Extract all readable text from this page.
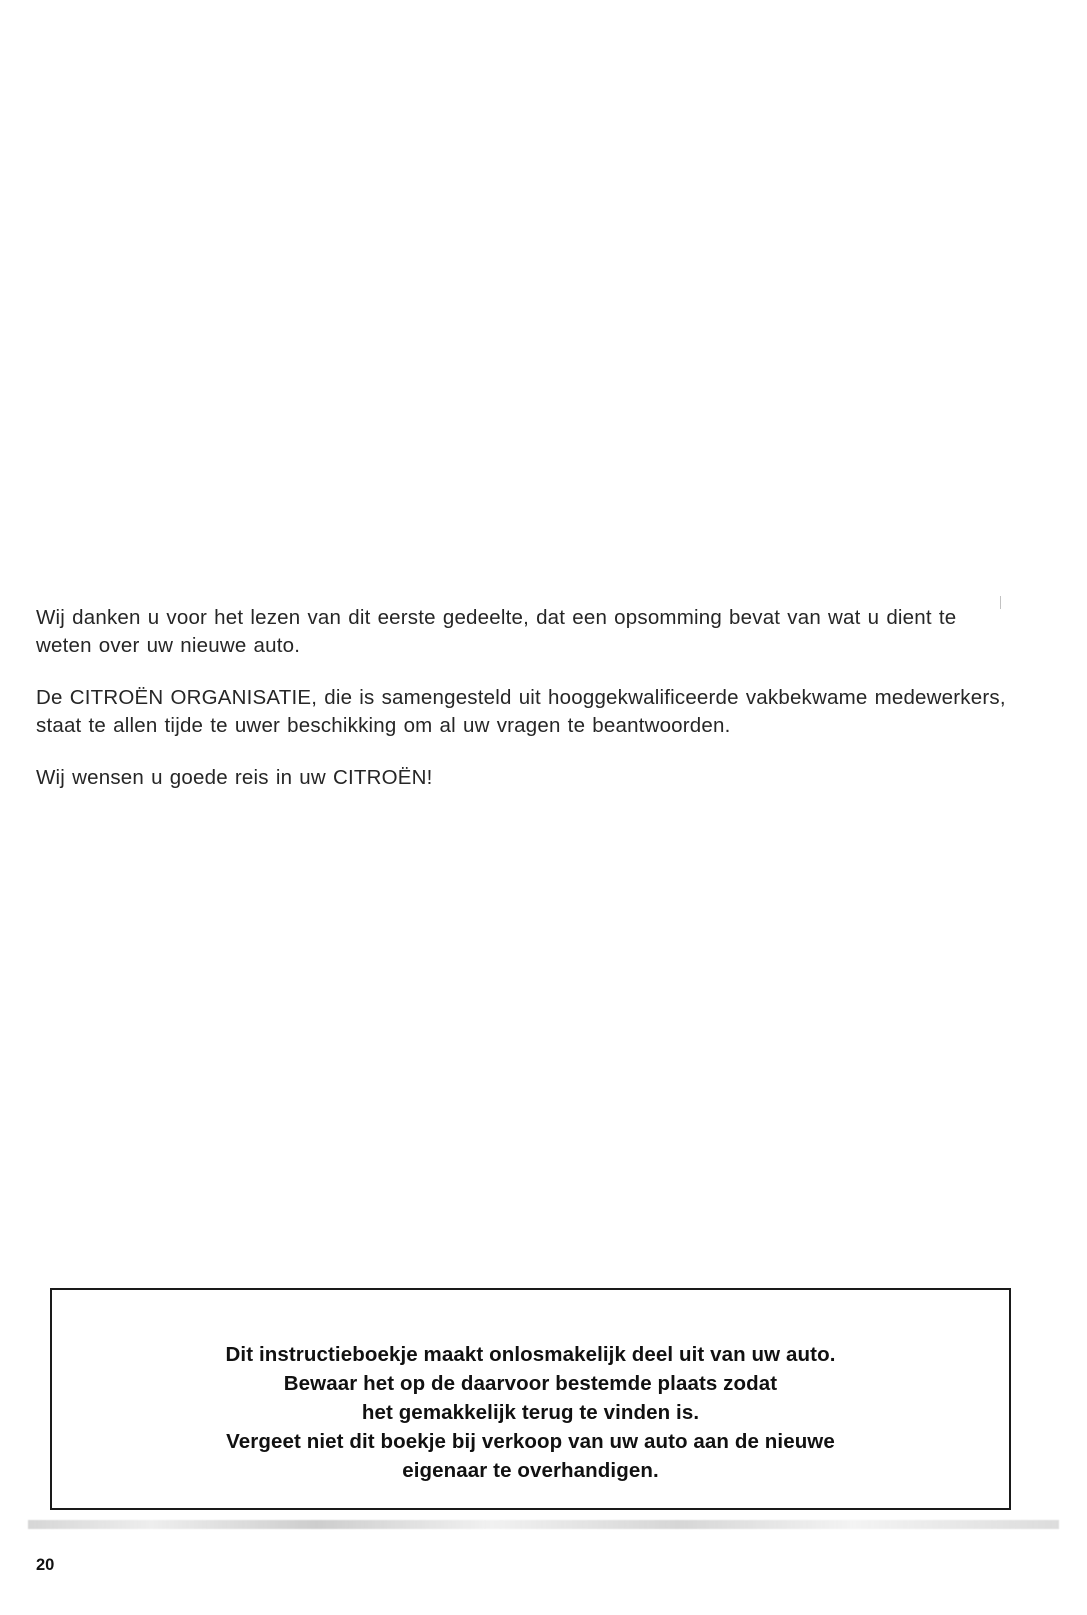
Wij danken u voor het lezen van dit eerste gedeelte, dat een opsomming bevat van wat u dient te weten over uw nieuwe auto.

De CITROËN ORGANISATIE, die is samengesteld uit hooggekwalificeerde vakbekwame medewerkers, staat te allen tijde te uwer beschikking om al uw vragen te beantwoorden.

Wij wensen u goede reis in uw CITROËN!

Dit instructieboekje maakt onlosmakelijk deel uit van uw auto.
Bewaar het op de daarvoor bestemde plaats zodat
het gemakkelijk terug te vinden is.
Vergeet niet dit boekje bij verkoop van uw auto aan de nieuwe
eigenaar te overhandigen.
20
